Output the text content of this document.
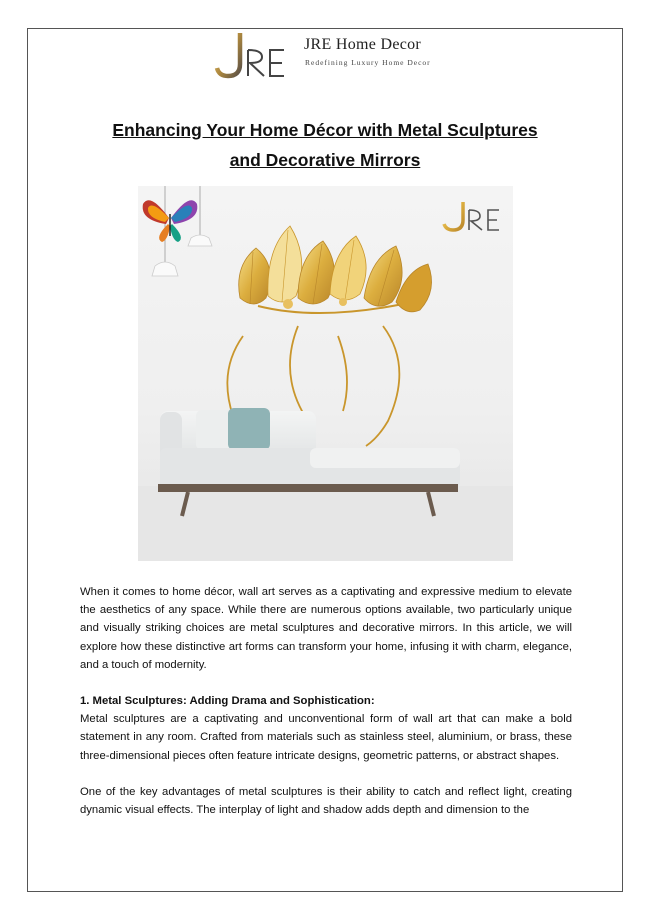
JRE Home Decor
Redefining Luxury Home Decor
Enhancing Your Home Décor with Metal Sculptures
and Decorative Mirrors

When it comes to home décor, wall art serves as a captivating and expressive medium to elevate the aesthetics of any space. While there are numerous options available, two particularly unique and visually striking choices are metal sculptures and decorative mirrors. In this article, we will explore how these distinctive art forms can transform your home, infusing it with charm, elegance, and a touch of modernity.

1. Metal Sculptures: Adding Drama and Sophistication:

Metal sculptures are a captivating and unconventional form of wall art that can make a bold statement in any room. Crafted from materials such as stainless steel, aluminium, or brass, these three-dimensional pieces often feature intricate designs, geometric patterns, or abstract shapes.

One of the key advantages of metal sculptures is their ability to catch and reflect light, creating dynamic visual effects. The interplay of light and shadow adds depth and dimension to the
